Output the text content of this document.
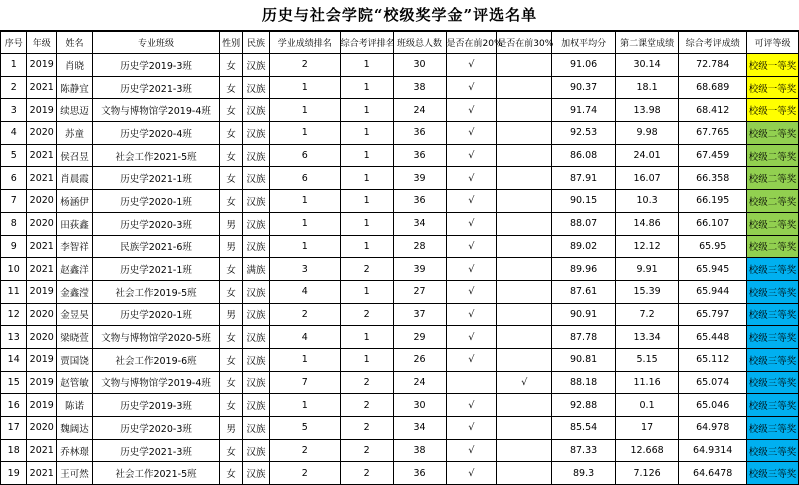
历史与社会学院“校级奖学金”评选名单
序号	年级	姓名	专业班级	性别	民族	学业成绩排名	综合考评排名	班级总人数	是否在前20%	是否在前30%	加权平均分	第二课堂成绩	综合考评成绩	可评等级
1	2019	肖晓	历史学2019-3班	女	汉族	2	1	30	√		91.06	30.14	72.784	校级一等奖
2	2021	陈静宜	历史学2021-3班	女	汉族	1	1	38	√		90.37	18.1	68.689	校级一等奖
3	2019	续思迈	文物与博物馆学2019-4班	女	汉族	1	1	24	√		91.74	13.98	68.412	校级一等奖
4	2020	苏童	历史学2020-4班	女	汉族	1	1	36	√		92.53	9.98	67.765	校级二等奖
5	2021	侯召昱	社会工作2021-5班	女	汉族	6	1	36	√		86.08	24.01	67.459	校级二等奖
6	2021	肖晨霞	历史学2021-1班	女	汉族	6	1	39	√		87.91	16.07	66.358	校级二等奖
7	2020	杨涵伊	历史学2020-1班	女	汉族	1	1	36	√		90.15	10.3	66.195	校级二等奖
8	2020	田荻鑫	历史学2020-3班	男	汉族	1	1	34	√		88.07	14.86	66.107	校级二等奖
9	2021	李智祥	民族学2021-6班	男	汉族	1	1	28	√		89.02	12.12	65.95	校级二等奖
10	2021	赵鑫洋	历史学2021-1班	女	满族	3	2	39	√		89.96	9.91	65.945	校级三等奖
11	2019	金鑫滢	社会工作2019-5班	女	汉族	4	1	27	√		87.61	15.39	65.944	校级三等奖
12	2020	金昱昊	历史学2020-1班	男	汉族	2	2	37	√		90.91	7.2	65.797	校级三等奖
13	2020	梁晓萱	文物与博物馆学2020-5班	女	汉族	4	1	29	√		87.78	13.34	65.448	校级三等奖
14	2019	贾国饶	社会工作2019-6班	女	汉族	1	1	26	√		90.81	5.15	65.112	校级三等奖
15	2019	赵管敏	文物与博物馆学2019-4班	女	汉族	7	2	24		√	88.18	11.16	65.074	校级三等奖
16	2019	陈诺	历史学2019-3班	女	汉族	1	2	30	√		92.88	0.1	65.046	校级三等奖
17	2020	魏阔达	历史学2020-3班	男	汉族	5	2	34	√		85.54	17	64.978	校级三等奖
18	2021	乔林璟	历史学2021-3班	女	汉族	2	2	38	√		87.33	12.668	64.9314	校级三等奖
19	2021	王可然	社会工作2021-5班	女	汉族	2	2	36	√		89.3	7.126	64.6478	校级三等奖
